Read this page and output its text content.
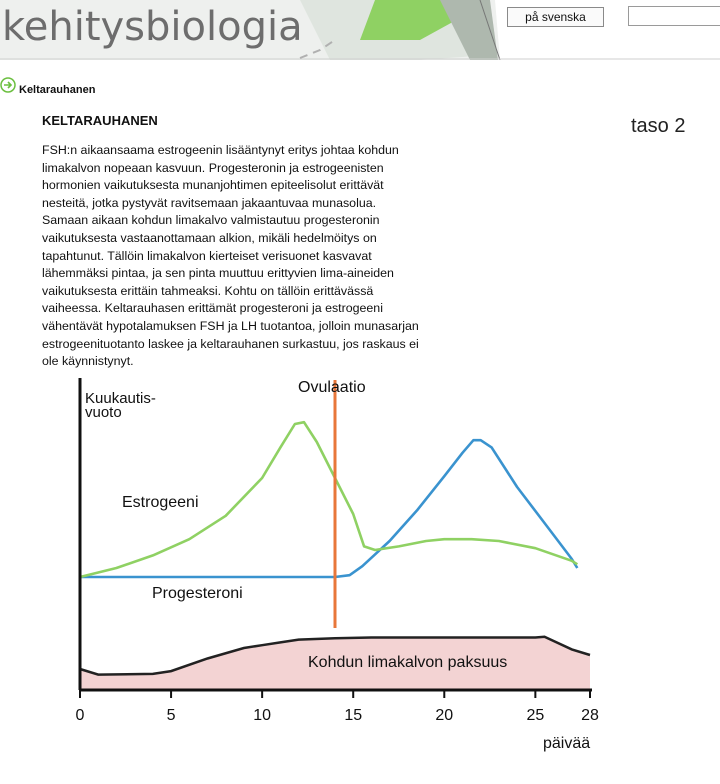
kehitysbiologia	på svenska
Keltarauhanen
taso 2
KELTARAUHANEN
FSH:n aikaansaama estrogeenin lisääntynyt eritys johtaa kohdun
limakalvon nopeaan kasvuun. Progesteronin ja estrogeenisten
hormonien vaikutuksesta munanjohtimen epiteelisolut erittävät
nesteitä, jotka pystyvät ravitsemaan jakaantuvaa munasolua.
Samaan aikaan kohdun limakalvo valmistautuu progesteronin
vaikutuksesta vastaanottamaan alkion, mikäli hedelmöitys on
tapahtunut. Tällöin limakalvon kierteiset verisuonet kasvavat
lähemmäksi pintaa, ja sen pinta muuttuu erittyvien lima-aineiden
vaikutuksesta erittäin tahmeaksi. Kohtu on tällöin erittävässä
vaiheessa. Keltarauhasen erittämät progesteroni ja estrogeeni
vähentävät hypotalamuksen FSH ja LH tuotantoa, jolloin munasarjan
estrogeenituotanto laskee ja keltarauhanen surkastuu, jos raskaus ei
ole käynnistynyt.
0	5	10	15	20	25 28
Ovulaatio
Kuukautis-
vuoto
Estrogeeni
Progesteroni
Kohdun limakalvon paksuus
päivää
